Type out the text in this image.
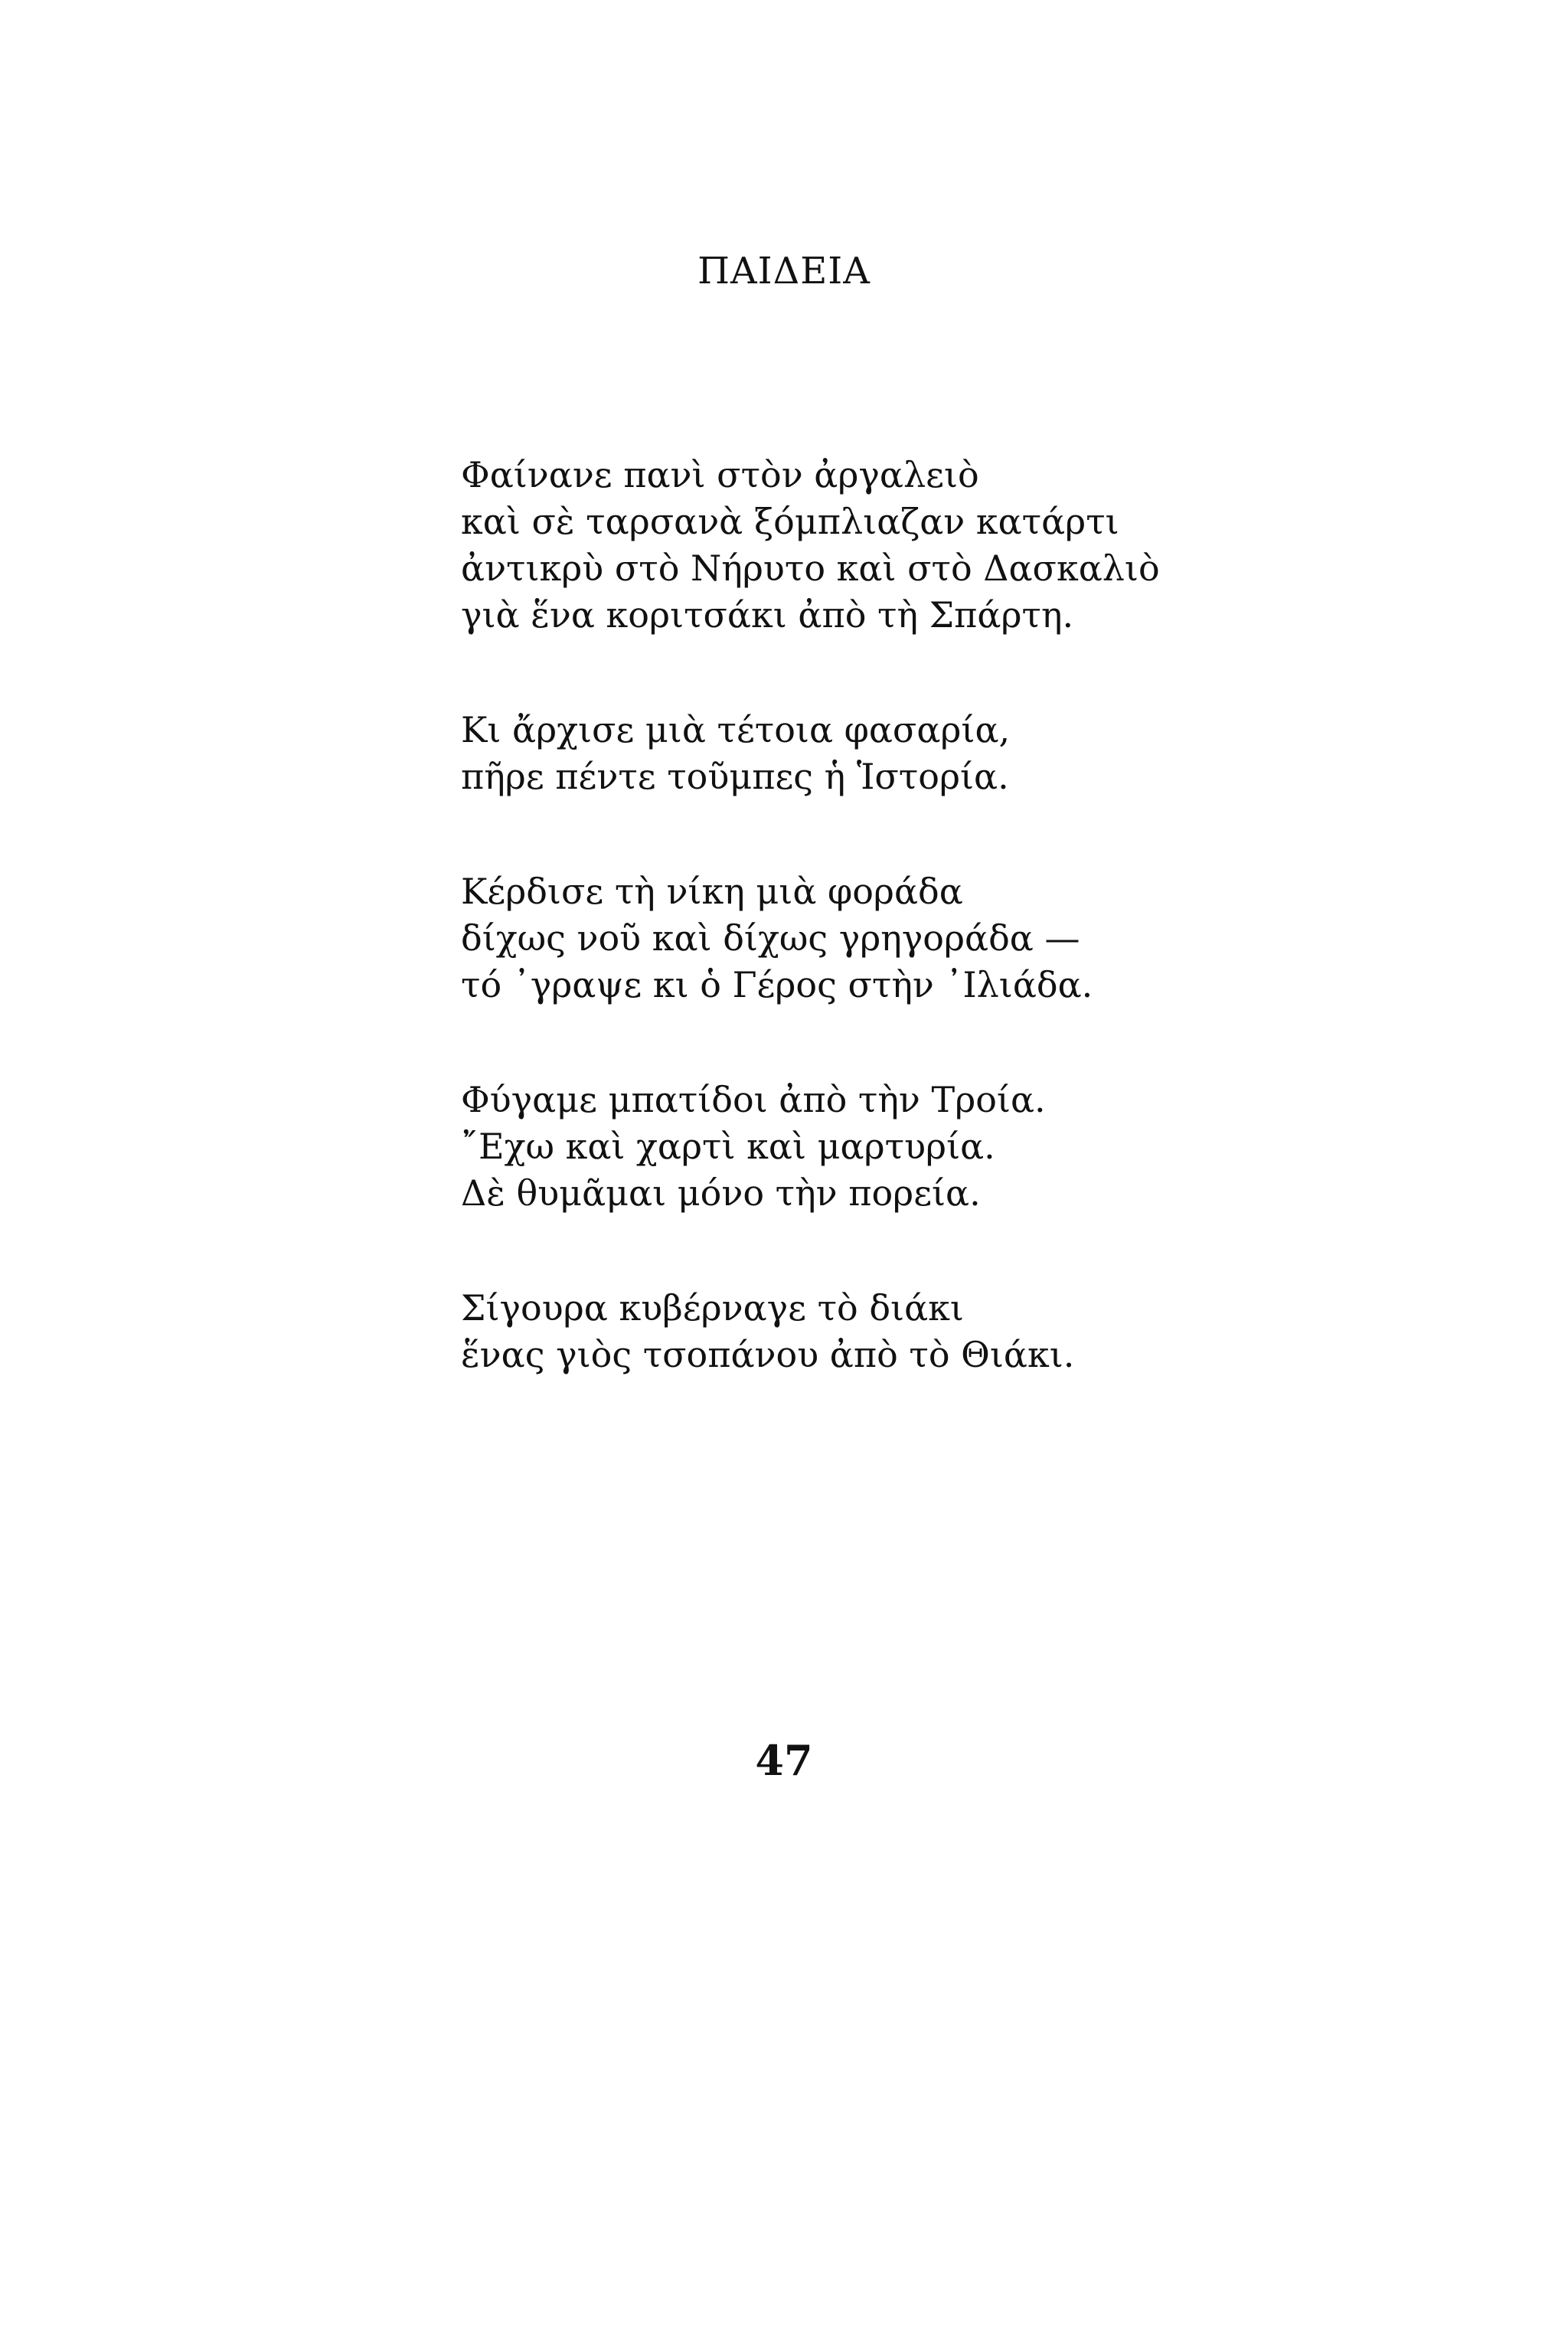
ΠΑΙΔΕΙΑ

Φαίνανε πανὶ στὸν ἀργαλειὸ
καὶ σὲ ταρσανὰ ξόμπλιαζαν κατάρτι
ἀντικρὺ στὸ Νήρυτο καὶ στὸ Δασκαλιὸ
γιὰ ἕνα κοριτσάκι ἀπὸ τὴ Σπάρτη.

Κι ἄρχισε μιὰ τέτοια φασαρία,
πῆρε πέντε τοῦμπες ἡ Ἱστορία.

Κέρδισε τὴ νίκη μιὰ φοράδα
δίχως νοῦ καὶ δίχως γρηγοράδα —
τό ᾿γραψε κι ὁ Γέρος στὴν ᾿Ιλιάδα.

Φύγαμε μπατίδοι ἀπὸ τὴν Τροία.
῎Εχω καὶ χαρτὶ καὶ μαρτυρία.
Δὲ θυμᾶμαι μόνο τὴν πορεία.

Σίγουρα κυβέρναγε τὸ διάκι
ἕνας γιὸς τσοπάνου ἀπὸ τὸ Θιάκι.

47
